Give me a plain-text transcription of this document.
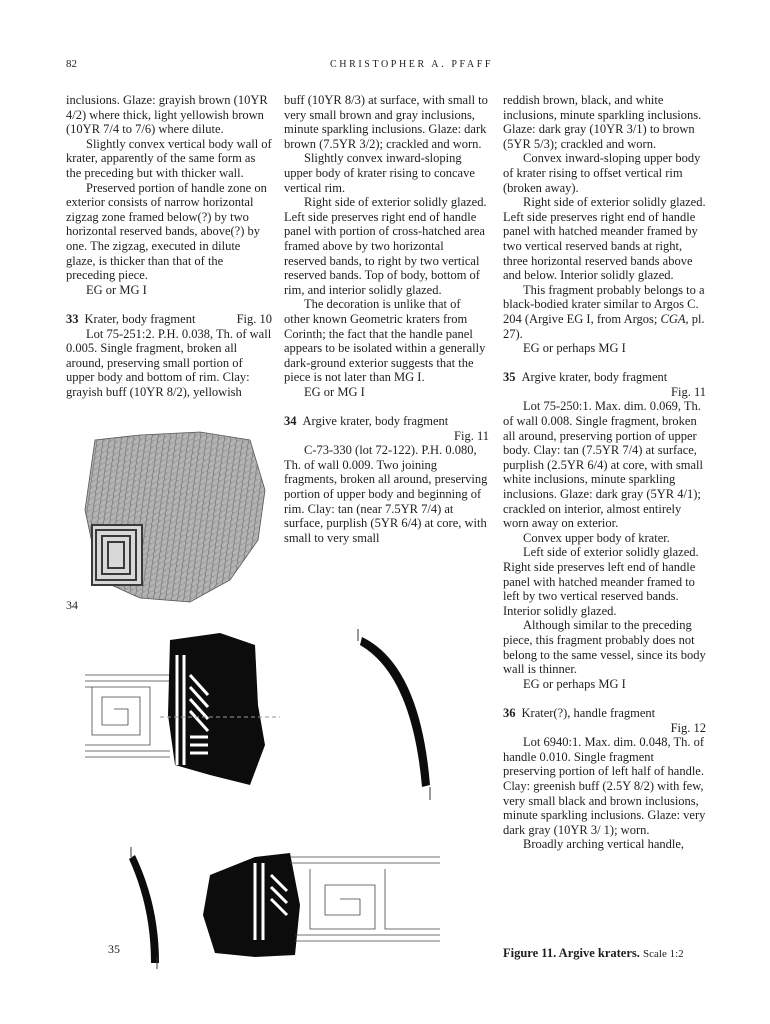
82	CHRISTOPHER A. PFAFF

inclusions. Glaze: grayish brown (10YR 4/2) where thick, light yellowish brown (10YR 7/4 to 7/6) where dilute.

Slightly convex vertical body wall of krater, apparently of the same form as the preceding but with thicker wall.

Preserved portion of handle zone on exterior consists of narrow horizontal zigzag zone framed below(?) by two horizontal reserved bands, above(?) by one. The zigzag, executed in dilute glaze, is thicker than that of the preceding piece.

EG or MG I

33 Krater, body fragment	Fig. 10

Lot 75-251:2. P.H. 0.038, Th. of wall 0.005. Single fragment, broken all around, preserving small portion of upper body and bottom of rim. Clay: grayish buff (10YR 8/2), yellowish

buff (10YR 8/3) at surface, with small to very small brown and gray inclusions, minute sparkling inclusions. Glaze: dark brown (7.5YR 3/2); crackled and worn.

Slightly convex inward-sloping upper body of krater rising to concave vertical rim.

Right side of exterior solidly glazed. Left side preserves right end of handle panel with portion of cross-hatched area framed above by two horizontal reserved bands, to right by two vertical reserved bands. Top of body, bottom of rim, and interior solidly glazed.

The decoration is unlike that of other known Geometric kraters from Corinth; the fact that the handle panel appears to be isolated within a generally dark-ground exterior suggests that the piece is not later than MG I.

EG or MG I

34 Argive krater, body fragment
Fig. 11

C-73-330 (lot 72-122). P.H. 0.080, Th. of wall 0.009. Two joining fragments, broken all around, preserving portion of upper body and beginning of rim. Clay: tan (near 7.5YR 7/4) at surface, purplish (5YR 6/4) at core, with small to very small

reddish brown, black, and white inclusions, minute sparkling inclusions. Glaze: dark gray (10YR 3/1) to brown (5YR 5/3); crackled and worn.

Convex inward-sloping upper body of krater rising to offset vertical rim (broken away).

Right side of exterior solidly glazed. Left side preserves right end of handle panel with hatched meander framed by two vertical reserved bands at right, three horizontal reserved bands above and below. Interior solidly glazed.

This fragment probably belongs to a black-bodied krater similar to Argos C. 204 (Argive EG I, from Argos; CGA, pl. 27).

EG or perhaps MG I

35 Argive krater, body fragment
Fig. 11

Lot 75-250:1. Max. dim. 0.069, Th. of wall 0.008. Single fragment, broken all around, preserving portion of upper body. Clay: tan (7.5YR 7/4) at surface, purplish (2.5YR 6/4) at core, with small white inclusions, minute sparkling inclusions. Glaze: dark gray (5YR 4/1); crackled on interior, almost entirely worn away on exterior.

Convex upper body of krater.

Left side of exterior solidly glazed. Right side preserves left end of handle panel with hatched meander framed to left by two vertical reserved bands. Interior solidly glazed.

Although similar to the preceding piece, this fragment probably does not belong to the same vessel, since its body wall is thinner.

EG or perhaps MG I

36 Krater(?), handle fragment
Fig. 12

Lot 6940:1. Max. dim. 0.048, Th. of handle 0.010. Single fragment preserving portion of left half of handle. Clay: greenish buff (2.5Y 8/2) with few, very small black and brown inclusions, minute sparkling inclusions. Glaze: very dark gray (10YR 3/ 1); worn.

Broadly arching vertical handle,

34
35	Figure 11. Argive kraters. Scale 1:2
